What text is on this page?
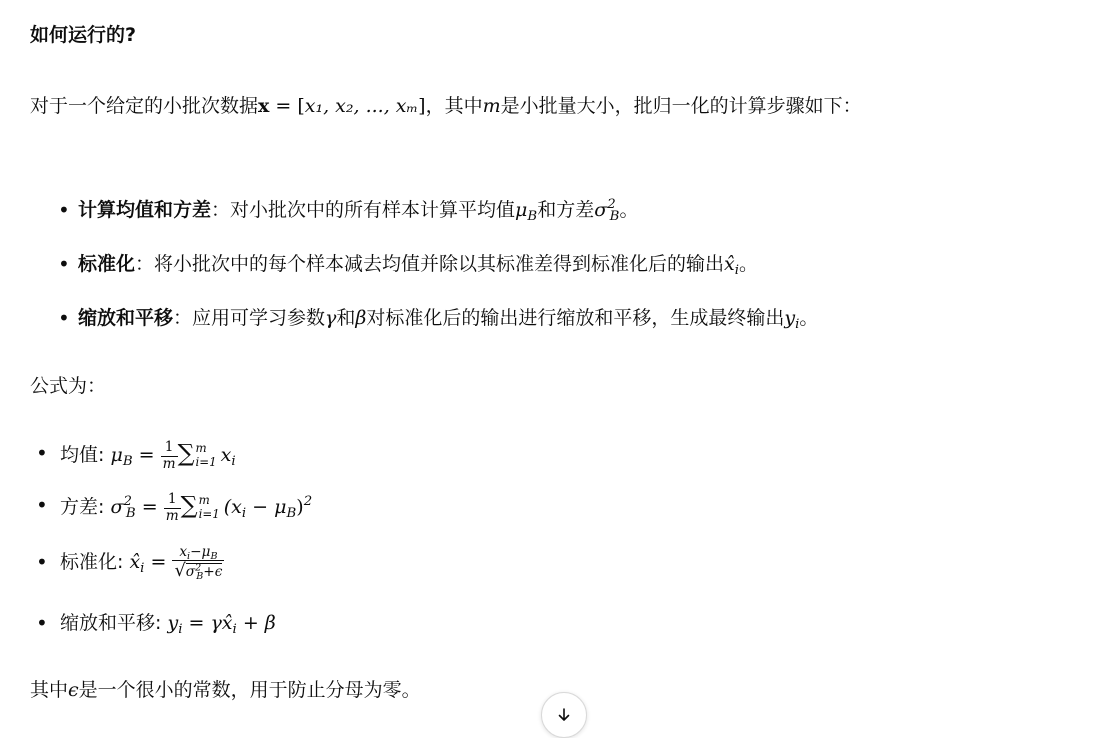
如何运行的?

对于一个给定的小批次数据x = [x₁, x₂, ..., xₘ]，其中m是小批量大小，批归一化的计算步骤如下：

• 计算均值和方差：对小批次中的所有样本计算平均值$\mu_B$和方差$\sigma^2_B$。
• 标准化：将小批次中的每个样本减去均值并除以其标准差得到标准化后的输出$x̂_i$。
• 缩放和平移：应用可学习参数γ和β对标准化后的输出进行缩放和平移，生成最终输出$y_i$。

公式为：

• 均值: $\mu_B = \frac{1}{m}$ ∑ m
i=1 $x_i$
• 方差: $\sigma^2_B = \frac{1}{m}$ ∑ m
i=1 $(x_i - \mu_B)^2$
• 标准化: $x̂_i = \frac{x_i-\mu_B}{√\sigma^2_B+\epsilon}$
• 缩放和平移: $y_i$ = $\gamma x̂_i + \beta$

其中ϵ是一个很小的常数，用于防止分母为零。
